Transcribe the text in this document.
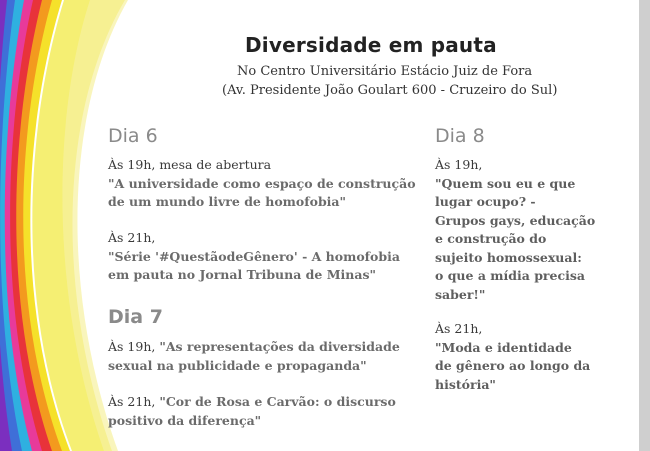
Diversidade em pauta
No Centro Universitário Estácio Juiz de Fora
(Av. Presidente João Goulart 600 - Cruzeiro do Sul)
Dia 6
Às 19h, mesa de abertura
"A universidade como espaço de construção
de um mundo livre de homofobia"
Às 21h,
"Série '#QuestãodeGênero' - A homofobia
em pauta no Jornal Tribuna de Minas"
Dia 7
Às 19h, "As representações da diversidade
sexual na publicidade e propaganda"
Às 21h, "Cor de Rosa e Carvão: o discurso
positivo da diferença"
Dia 8
Às 19h,
"Quem sou eu e que
lugar ocupo? -
Grupos gays, educação
e construção do
sujeito homossexual:
o que a mídia precisa
saber!"
Às 21h,
"Moda e identidade
de gênero ao longo da
história"
